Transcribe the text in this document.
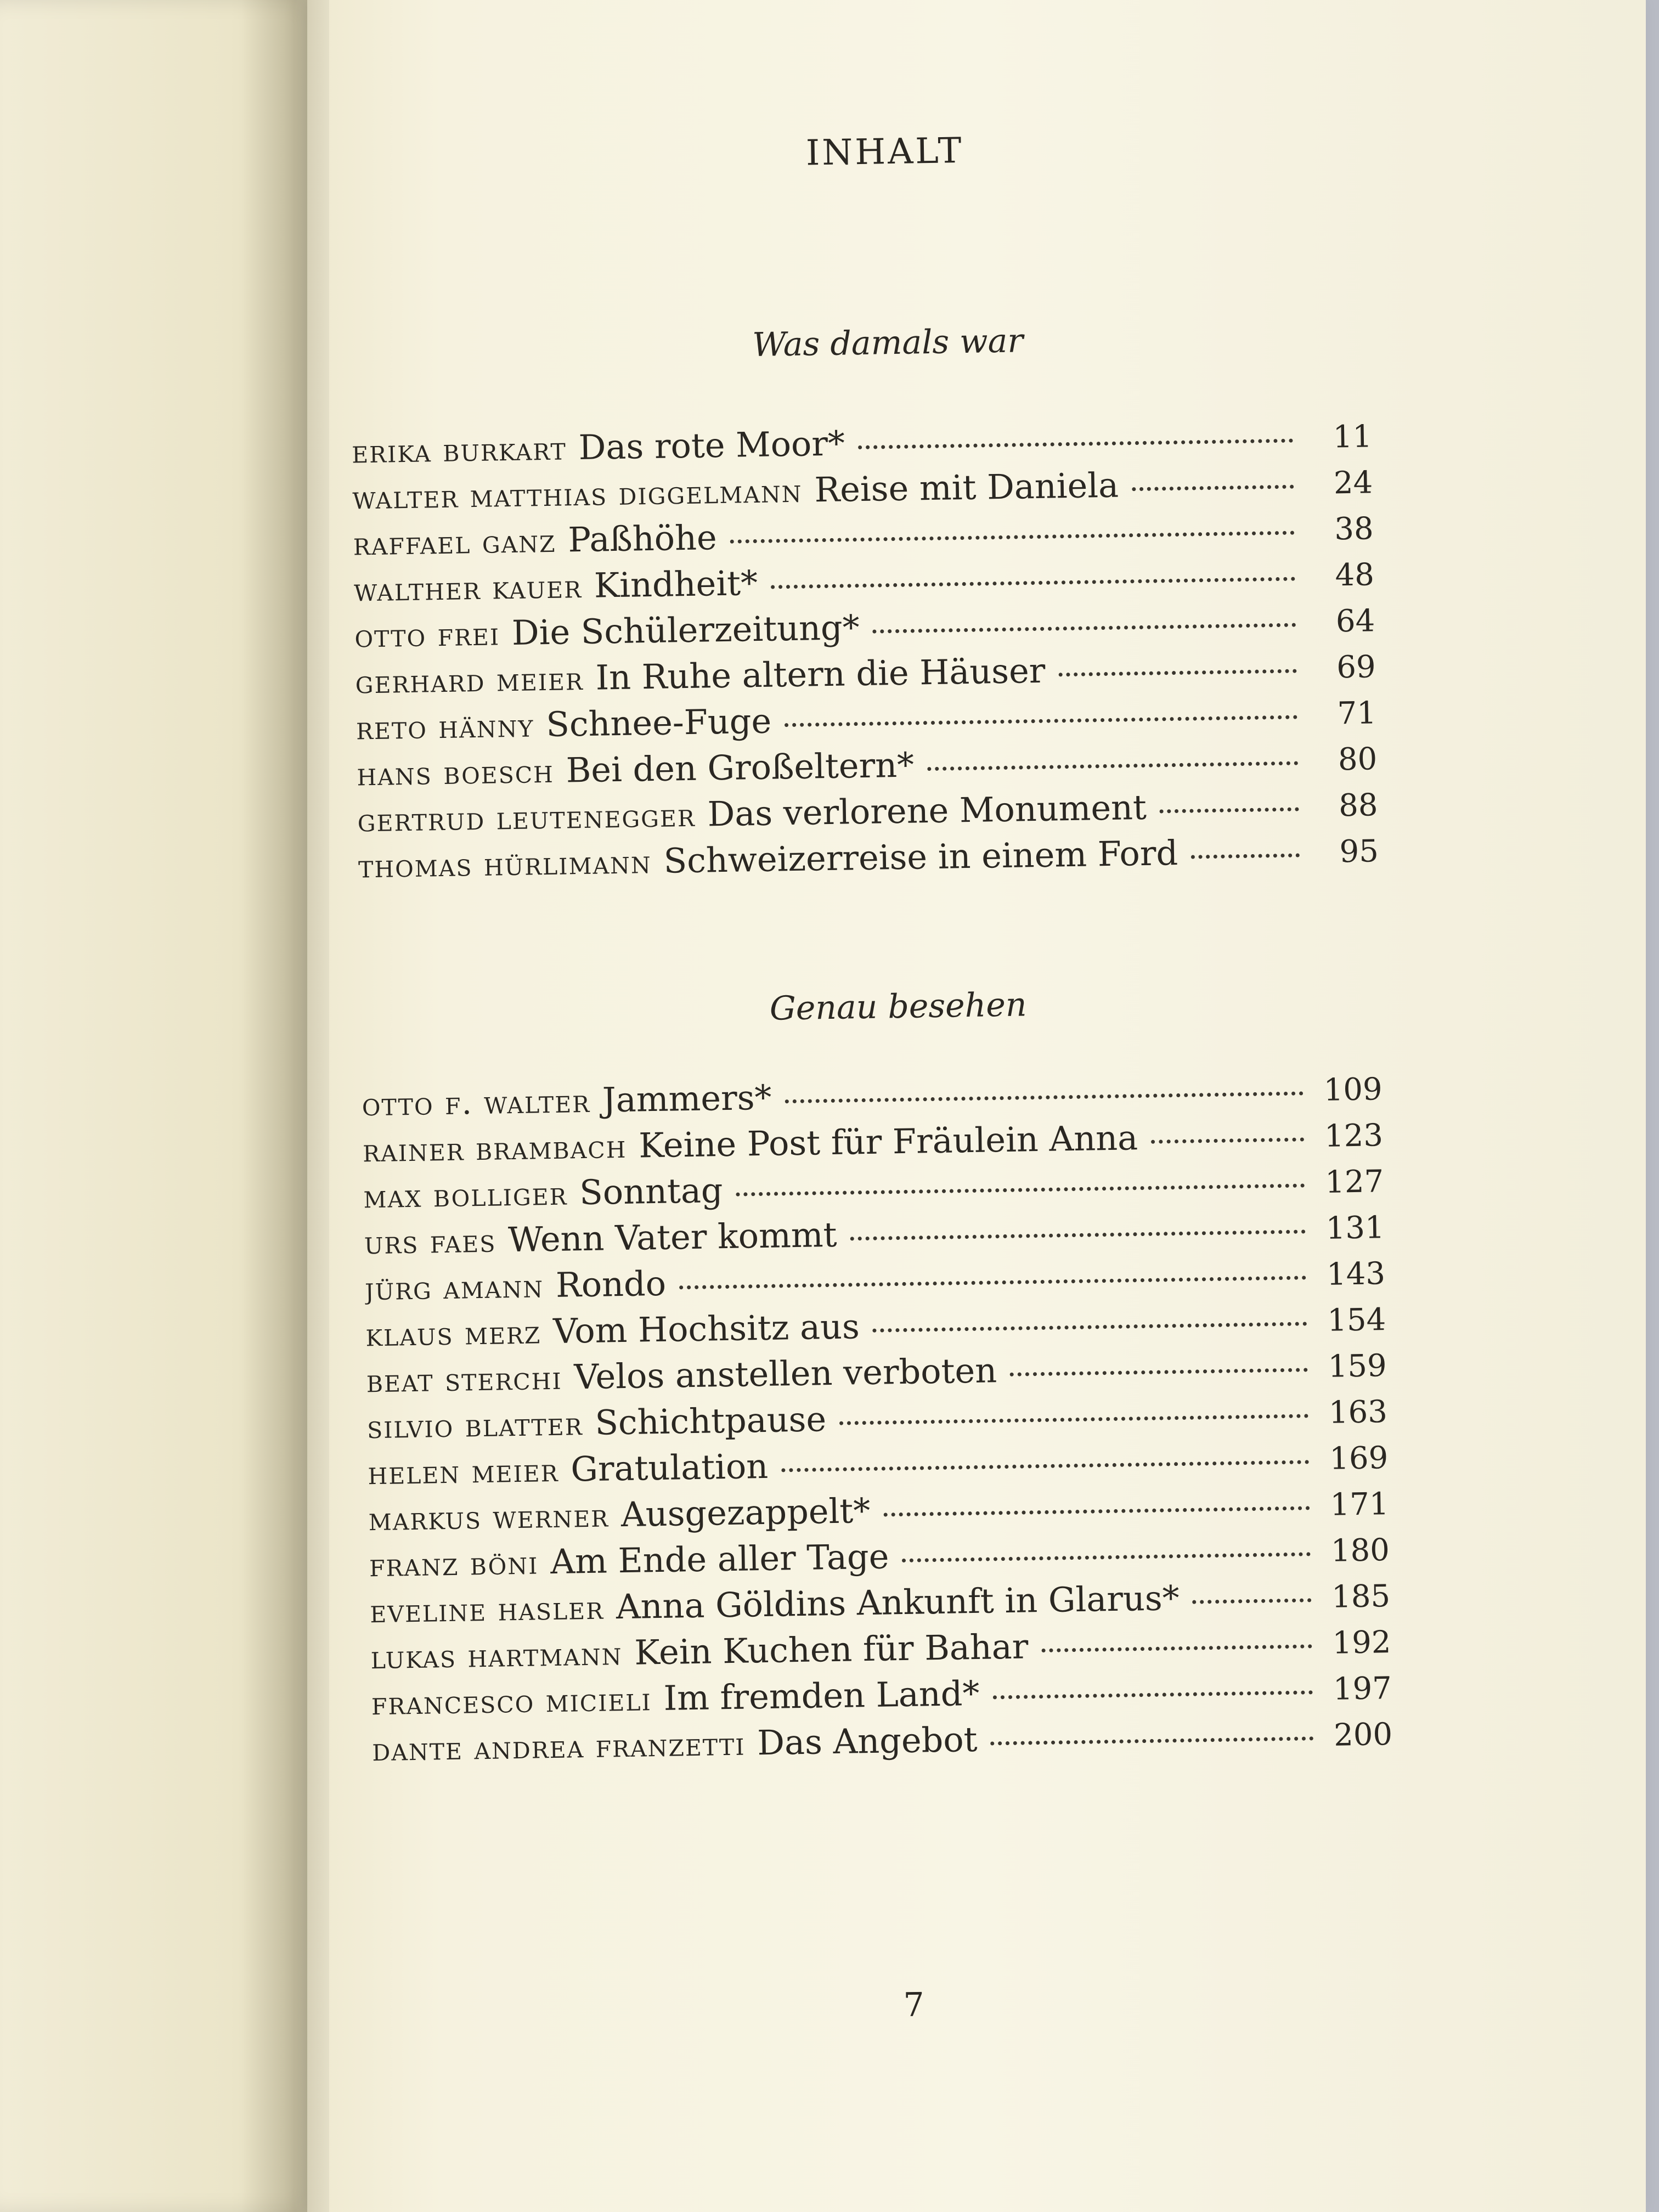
INHALT
Was damals war
erika burkart Das rote Moor*	11
walter matthias diggelmann Reise mit Daniela	24
raffael ganz Paßhöhe	38
walther kauer Kindheit*	48
otto frei Die Schülerzeitung*	64
gerhard meier In Ruhe altern die Häuser	69
reto hänny Schnee-Fuge	71
hans boesch Bei den Großeltern*	80
gertrud leutenegger Das verlorene Monument	88
thomas hürlimann Schweizerreise in einem Ford	95
Genau besehen
otto f. walter Jammers*	109
rainer brambach Keine Post für Fräulein Anna	123
max bolliger Sonntag	127
urs faes Wenn Vater kommt	131
jürg amann Rondo	143
klaus merz Vom Hochsitz aus	154
beat sterchi Velos anstellen verboten	159
silvio blatter Schichtpause	163
helen meier Gratulation	169
markus werner Ausgezappelt*	171
franz böni Am Ende aller Tage	180
eveline hasler Anna Göldins Ankunft in Glarus*	185
lukas hartmann Kein Kuchen für Bahar	192
francesco micieli Im fremden Land*	197
dante andrea franzetti Das Angebot	200
7
